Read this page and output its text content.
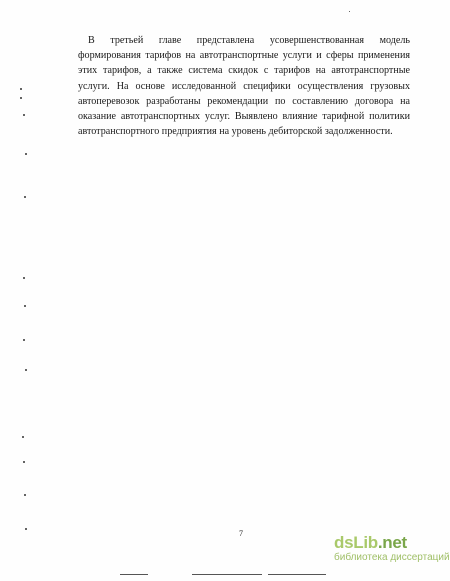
В третьей главе представлена усовершенствованная модель формирования тарифов на автотранспортные услуги и сферы применения этих тарифов, а также система скидок с тарифов на автотранспортные услуги. На основе исследованной специфики осуществления грузовых автоперевозок разработаны рекомендации по составлению договора на оказание автотранспортных услуг. Выявлено влияние тарифной политики автотранспортного предприятия на уровень дебиторской задолженности.

7	dsLib.net
библиотека диссертаций
